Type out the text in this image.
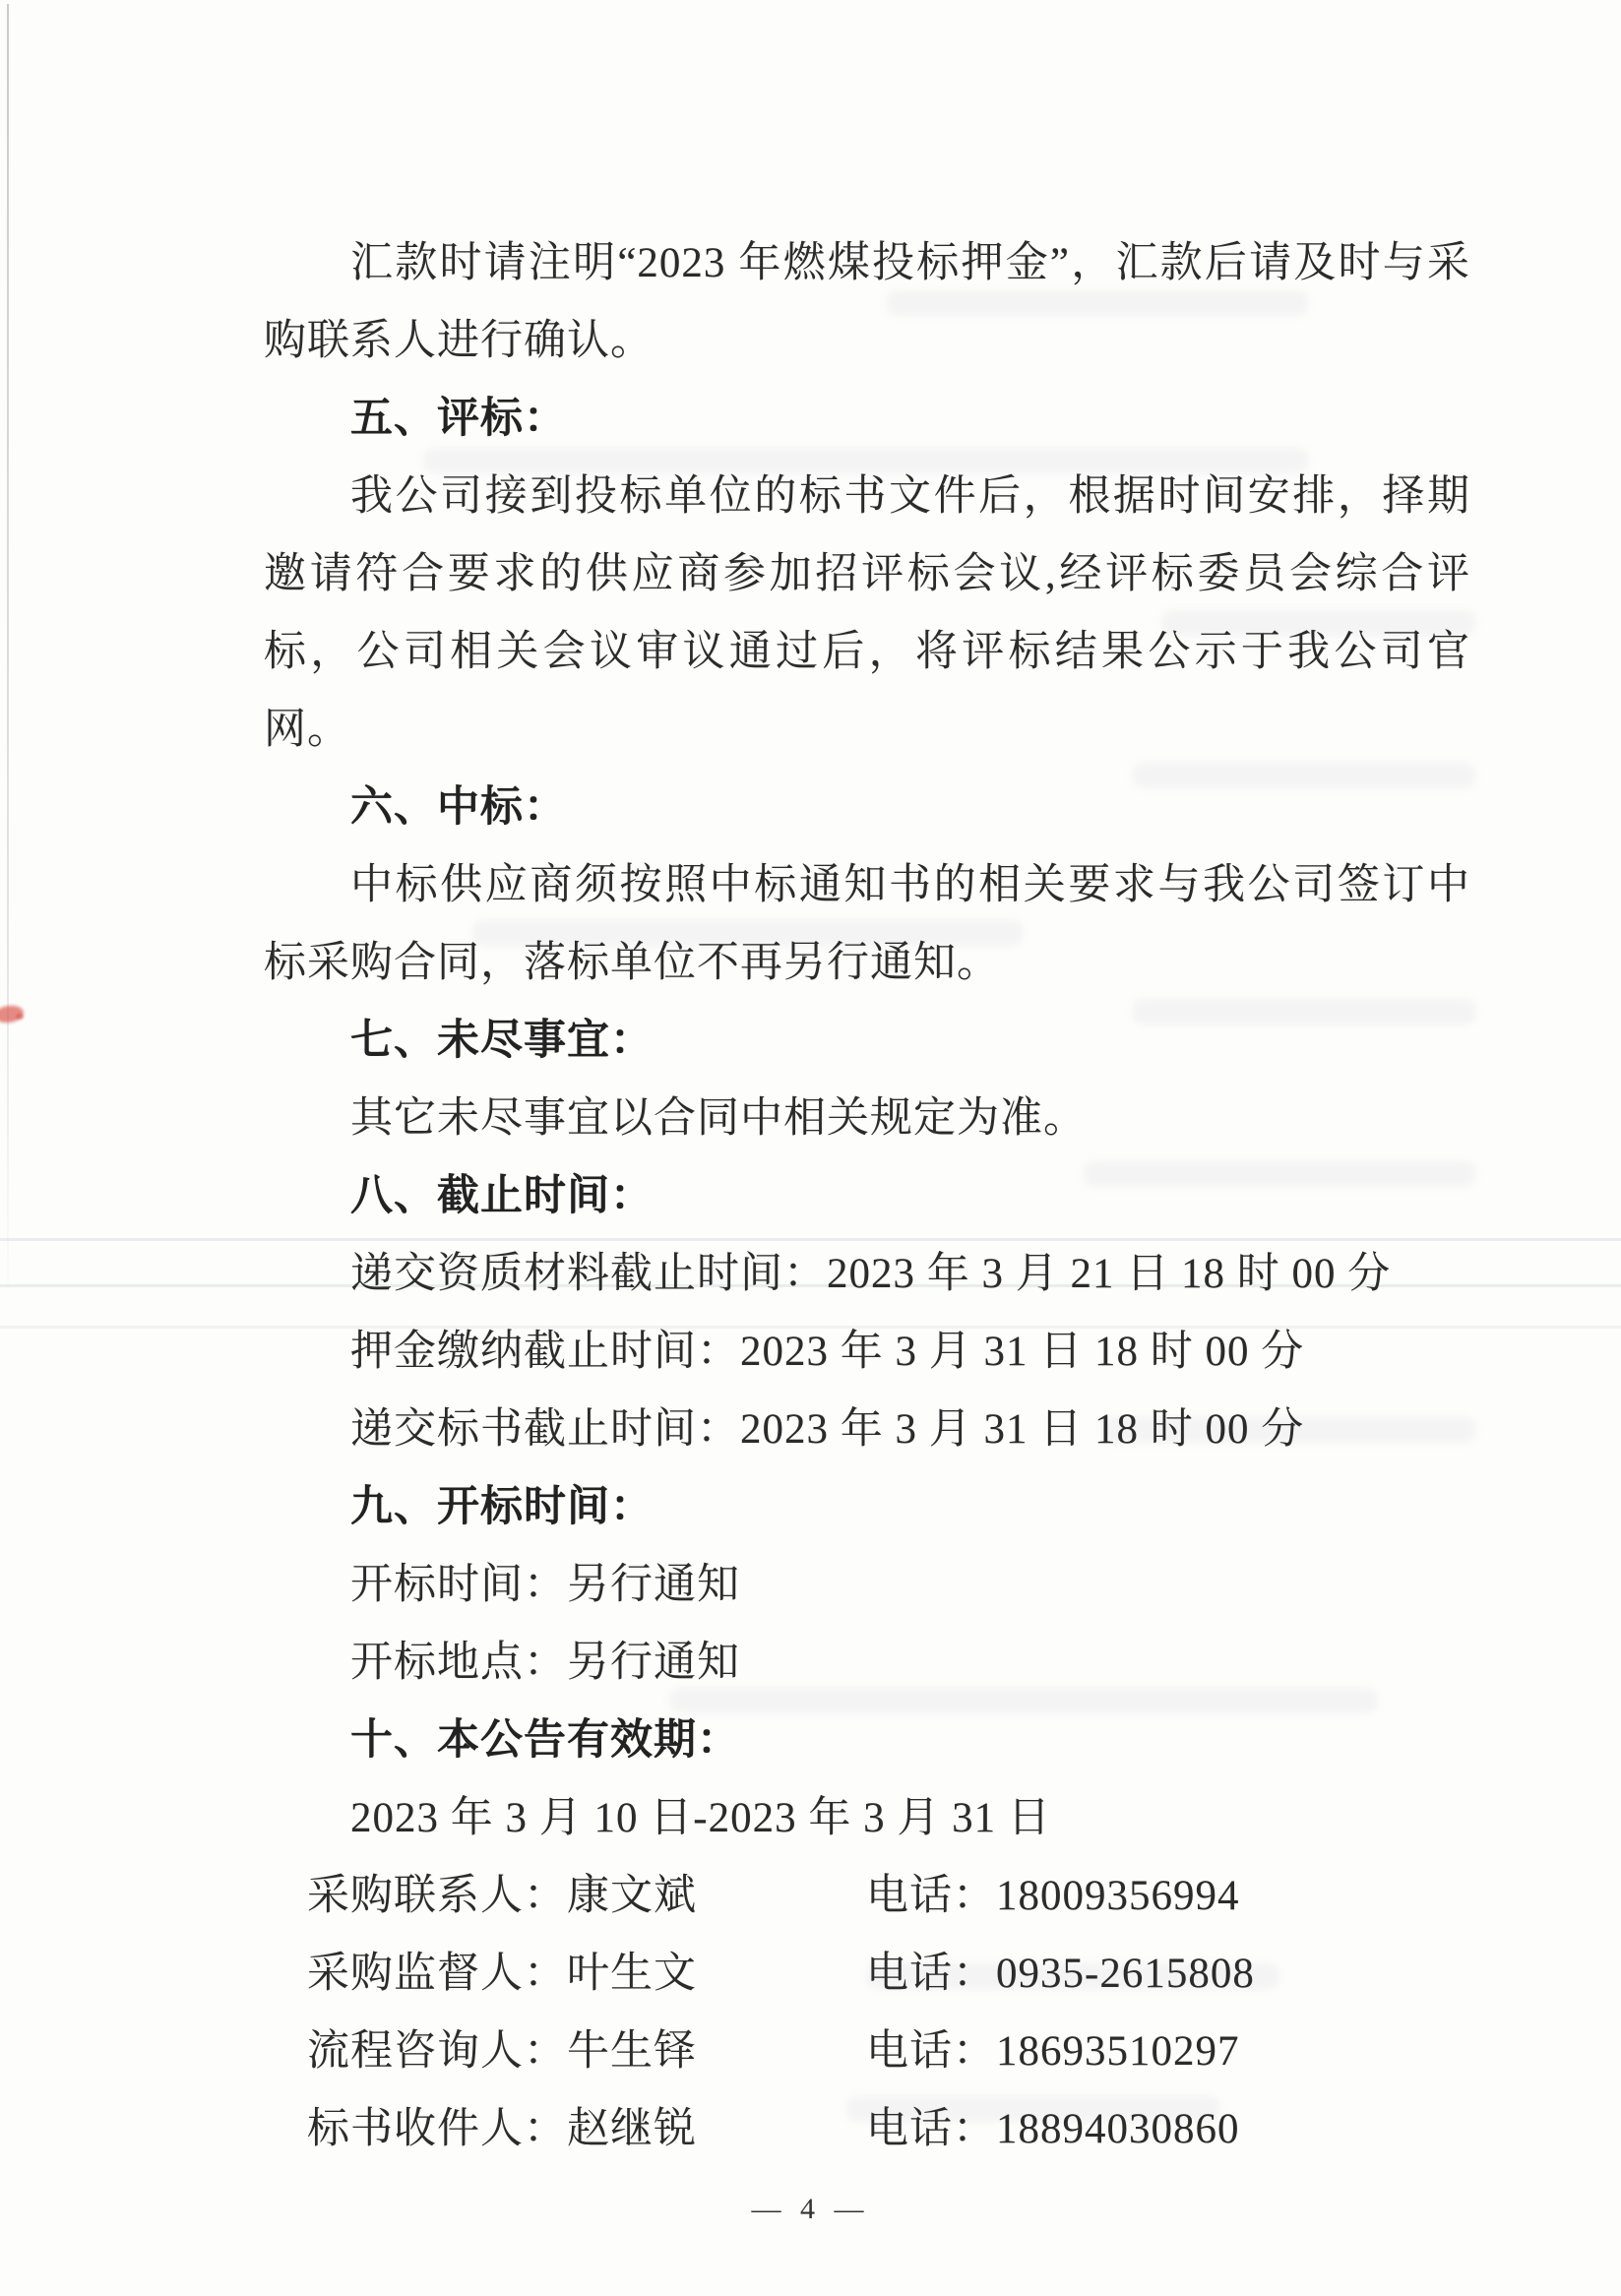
汇款时请注明“2023 年燃煤投标押金”，汇款后请及时与采购联系人进行确认。

五、评标：

我公司接到投标单位的标书文件后，根据时间安排，择期邀请符合要求的供应商参加招评标会议,经评标委员会综合评标，公司相关会议审议通过后，将评标结果公示于我公司官网。

六、中标：

中标供应商须按照中标通知书的相关要求与我公司签订中标采购合同，落标单位不再另行通知。

七、未尽事宜：

其它未尽事宜以合同中相关规定为准。

八、截止时间：

递交资质材料截止时间：2023 年 3 月 21 日 18 时 00 分

押金缴纳截止时间：2023 年 3 月 31 日 18 时 00 分

递交标书截止时间：2023 年 3 月 31 日 18 时 00 分

九、开标时间：

开标时间：另行通知

开标地点：另行通知

十、本公告有效期：

2023 年 3 月 10 日-2023 年 3 月 31 日

采购联系人：康文斌	电话：18009356994
采购监督人：叶生文	电话：0935-2615808
流程咨询人：牛生铎	电话：18693510297
标书收件人：赵继锐	电话：18894030860
— 4 —
